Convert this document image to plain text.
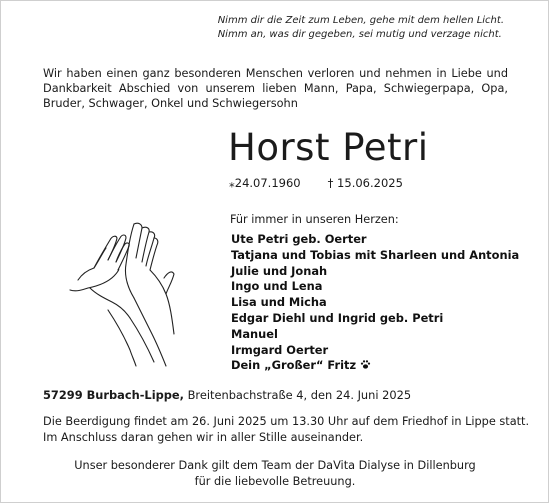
Nimm dir die Zeit zum Leben, gehe mit dem hellen Licht.
Nimm an, was dir gegeben, sei mutig und verzage nicht.
Wir haben einen ganz besonderen Menschen verloren und nehmen in Liebe und Dankbarkeit Abschied von unserem lieben Mann, Papa, Schwiegerpapa, Opa, Bruder, Schwager, Onkel und Schwiegersohn
Horst Petri
⁎24.07.1960 † 15.06.2025
Für immer in unseren Herzen:
Ute Petri geb. Oerter
Tatjana und Tobias mit Sharleen und Antonia
Julie und Jonah
Ingo und Lena
Lisa und Micha
Edgar Diehl und Ingrid geb. Petri
Manuel
Irmgard Oerter
Dein „Großer“ Fritz
57299 Burbach-Lippe, Breitenbachstraße 4, den 24. Juni 2025
Die Beerdigung findet am 26. Juni 2025 um 13.30 Uhr auf dem Friedhof in Lippe statt.
Im Anschluss daran gehen wir in aller Stille auseinander.
Unser besonderer Dank gilt dem Team der DaVita Dialyse in Dillenburg
für die liebevolle Betreuung.
